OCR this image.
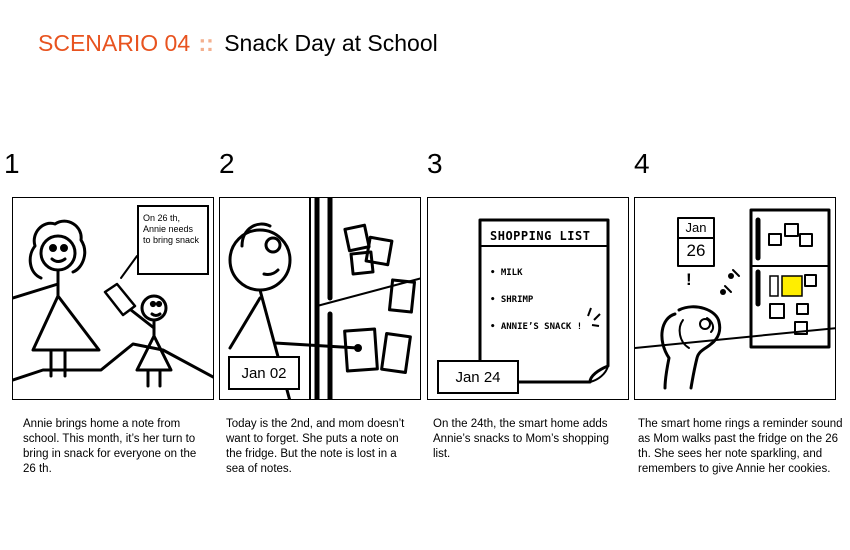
SCENARIO 04 :: Snack Day at School
1	2	3	4
On 26 th, Annie needs to bring snack
Jan 02
SHOPPING LIST
• MILK
• SHRIMP
• ANNIE’S SNACK !
Jan 24
Jan
26
!
Annie brings home a note from school. This month, it’s her turn to bring in snack for everyone on the 26 th.
Today is the 2nd, and mom doesn’t want to forget. She puts a note on the fridge. But the note is lost in a sea of notes.
On the 24th, the smart home adds Annie’s snacks to Mom’s shopping list.
The smart home rings a reminder sound as Mom walks past the fridge on the 26 th. She sees her note sparkling, and remembers to give Annie her cookies.
